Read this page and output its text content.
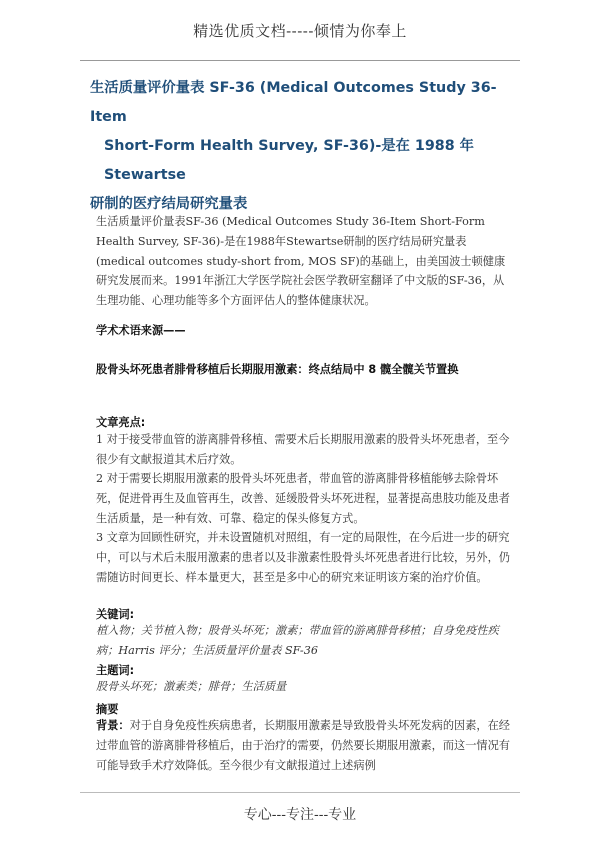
精选优质文档-----倾情为你奉上
生活质量评价量表 SF-36 (Medical Outcomes Study 36-Item
Short-Form Health Survey, SF-36)-是在 1988 年 Stewartse
研制的医疗结局研究量表

生活质量评价量表SF-36 (Medical Outcomes Study 36-Item Short-Form Health Survey, SF-36)-是在1988年Stewartse研制的医疗结局研究量表(medical outcomes study-short from, MOS SF)的基础上，由美国波士顿健康研究发展而来。1991年浙江大学医学院社会医学教研室翻译了中文版的SF-36，从生理功能、心理功能等多个方面评估人的整体健康状况。

学术术语来源——
股骨头坏死患者腓骨移植后长期服用激素：终点结局中 8 髋全髋关节置换
文章亮点:

1 对于接受带血管的游离腓骨移植、需要术后长期服用激素的股骨头坏死患者，至今很少有文献报道其术后疗效。

2 对于需要长期服用激素的股骨头坏死患者，带血管的游离腓骨移植能够去除骨坏死，促进骨再生及血管再生，改善、延缓股骨头坏死进程，显著提高患肢功能及患者生活质量，是一种有效、可靠、稳定的保头修复方式。

3 文章为回顾性研究，并未设置随机对照组，有一定的局限性，在今后进一步的研究中，可以与术后未服用激素的患者以及非激素性股骨头坏死患者进行比较，另外，仍需随访时间更长、样本量更大，甚至是多中心的研究来证明该方案的治疗价值。

关键词:

植入物；关节植入物；股骨头坏死；激素；带血管的游离腓骨移植；自身免疫性疾病；Harris 评分；生活质量评价量表 SF-36

主题词:

股骨头坏死；激素类；腓骨；生活质量

摘要

背景：对于自身免疫性疾病患者，长期服用激素是导致股骨头坏死发病的因素，在经过带血管的游离腓骨移植后，由于治疗的需要，仍然要长期服用激素，而这一情况有可能导致手术疗效降低。至今很少有文献报道过上述病例

专心---专注---专业
